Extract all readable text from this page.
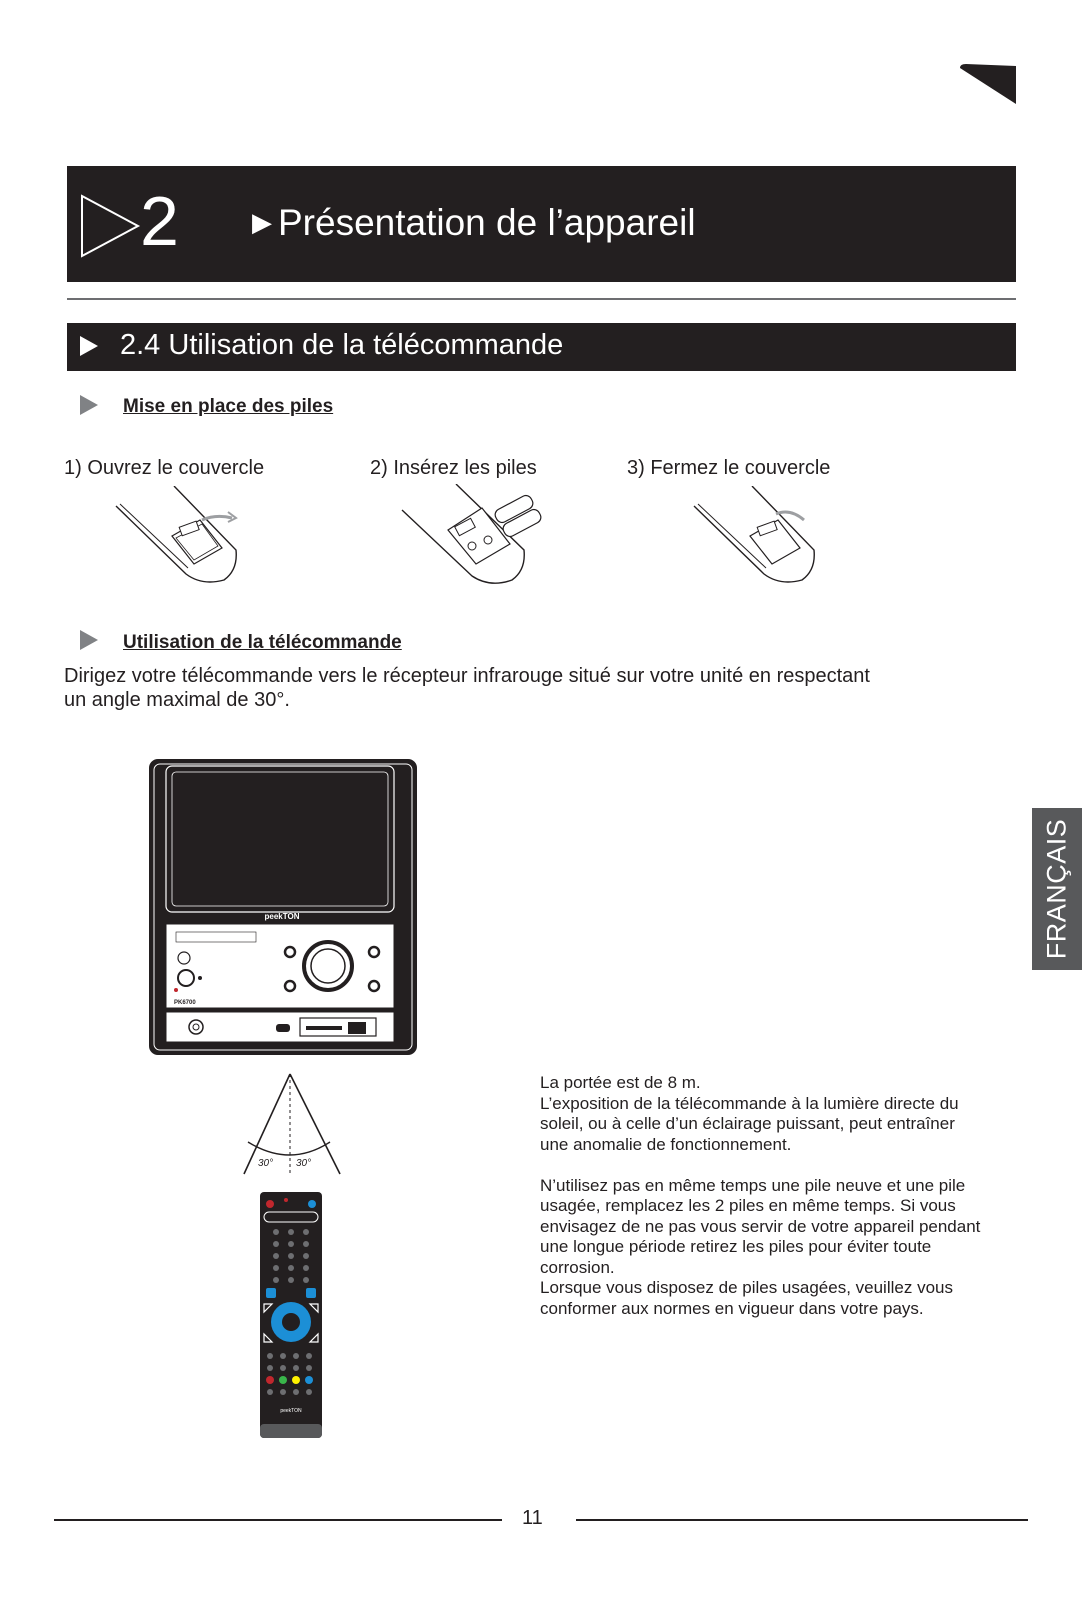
2	▶ Présentation de l’appareil
2.4 Utilisation de la télécommande
Mise en place des piles
1) Ouvrez le couvercle	2) Insérez les piles	3) Fermez le couvercle
Utilisation de la télécommande
Dirigez votre télécommande vers le récepteur infrarouge situé sur votre unité en respectant
un angle maximal de 30°.
peekTON
PK6700
30° 30°
peekTON
La portée est de 8 m.
L’exposition de la télécommande à la lumière directe du
soleil, ou à celle d’un éclairage puissant, peut entraîner
une anomalie de fonctionnement.
N’utilisez pas en même temps une pile neuve et une pile
usagée, remplacez les 2 piles en même temps. Si vous
envisagez de ne pas vous servir de votre appareil pendant
une longue période retirez les piles pour éviter toute
corrosion.
Lorsque vous disposez de piles usagées, veuillez vous
conformer aux normes en vigueur dans votre pays.
FRANÇAIS
11
